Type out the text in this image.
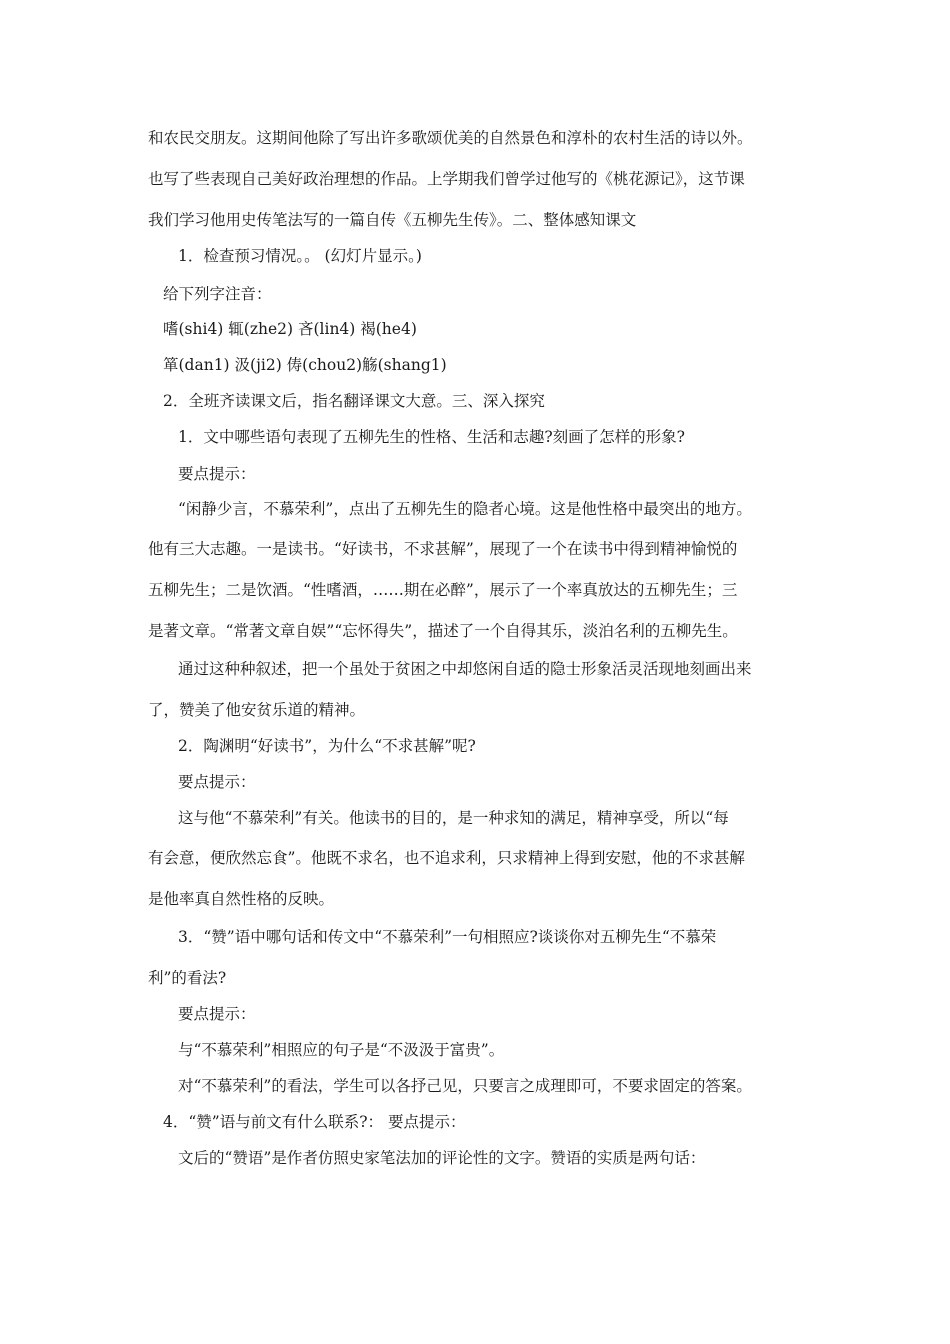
和农民交朋友。这期间他除了写出许多歌颂优美的自然景色和淳朴的农村生活的诗以外。
也写了些表现自己美好政治理想的作品。上学期我们曾学过他写的《桃花源记》，这节课
我们学习他用史传笔法写的一篇自传《五柳先生传》。二、整体感知课文
1．检查预习情况。。 (幻灯片显示。)
给下列字注音：
嗜(shi4) 辄(zhe2) 吝(lin4) 褐(he4)
箪(dan1) 汲(ji2) 俦(chou2)觞(shang1)
2．全班齐读课文后，指名翻译课文大意。三、深入探究
1．文中哪些语句表现了五柳先生的性格、生活和志趣?刻画了怎样的形象?
要点提示：
“闲静少言，不慕荣利”，点出了五柳先生的隐者心境。这是他性格中最突出的地方。
他有三大志趣。一是读书。“好读书，不求甚解”，展现了一个在读书中得到精神愉悦的
五柳先生；二是饮酒。“性嗜酒，……期在必醉”，展示了一个率真放达的五柳先生；三
是著文章。“常著文章自娱”“忘怀得失”，描述了一个自得其乐，淡泊名利的五柳先生。
通过这种种叙述，把一个虽处于贫困之中却悠闲自适的隐士形象活灵活现地刻画出来
了，赞美了他安贫乐道的精神。
2．陶渊明“好读书”，为什么“不求甚解”呢?
要点提示：
这与他“不慕荣利”有关。他读书的目的，是一种求知的满足，精神享受，所以“每
有会意，便欣然忘食”。他既不求名，也不追求利，只求精神上得到安慰，他的不求甚解
是他率真自然性格的反映。
3．“赞”语中哪句话和传文中“不慕荣利”一句相照应?谈谈你对五柳先生“不慕荣
利”的看法?
要点提示：
与“不慕荣利”相照应的句子是“不汲汲于富贵”。
对“不慕荣利”的看法，学生可以各抒己见，只要言之成理即可，不要求固定的答案。
4．“赞”语与前文有什么联系?： 要点提示：
文后的“赞语”是作者仿照史家笔法加的评论性的文字。赞语的实质是两句话：
